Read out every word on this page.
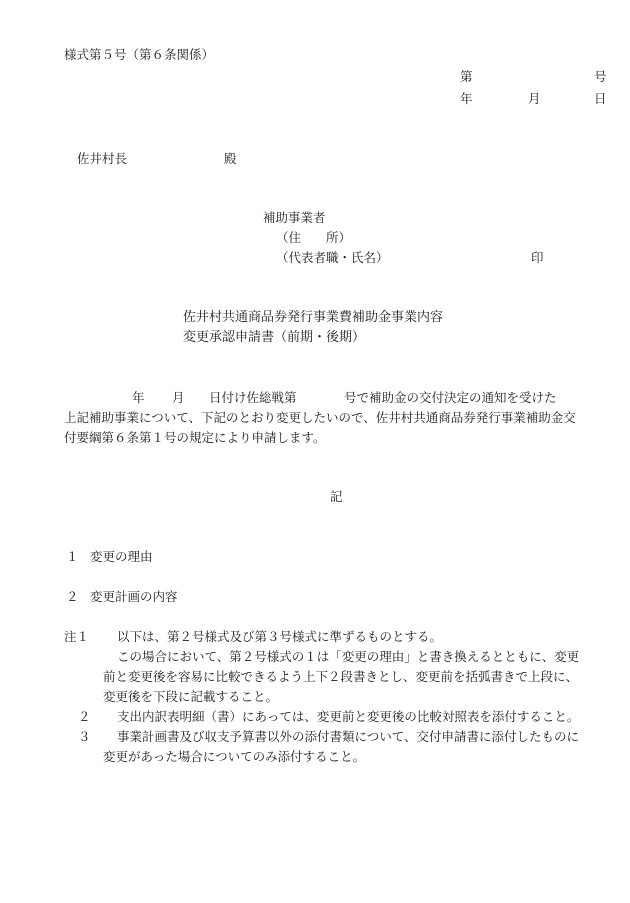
様式第５号（第６条関係）
第	号
年	月	日
佐井村長	殿
補助事業者
（住　　所）
（代表者職・氏名）	印
佐井村共通商品券発行事業費補助金事業内容
変更承認申請書（前期・後期）
年 月 日付け佐総戦第	号で補助金の交付決定の通知を受けた
上記補助事業について、下記のとおり変更したいので、佐井村共通商品券発行事業補助金交
付要綱第６条第１号の規定により申請します。
記
１ 変更の理由
２ 変更計画の内容
注１ 以下は、第２号様式及び第３号様式に準ずるものとする。
この場合において、第２号様式の１は「変更の理由」と書き換えるとともに、変更
前と変更後を容易に比較できるよう上下２段書きとし、変更前を括弧書きで上段に、
変更後を下段に記載すること。
２ 支出内訳表明細（書）にあっては、変更前と変更後の比較対照表を添付すること。
３ 事業計画書及び収支予算書以外の添付書類について、交付申請書に添付したものに
変更があった場合についてのみ添付すること。
